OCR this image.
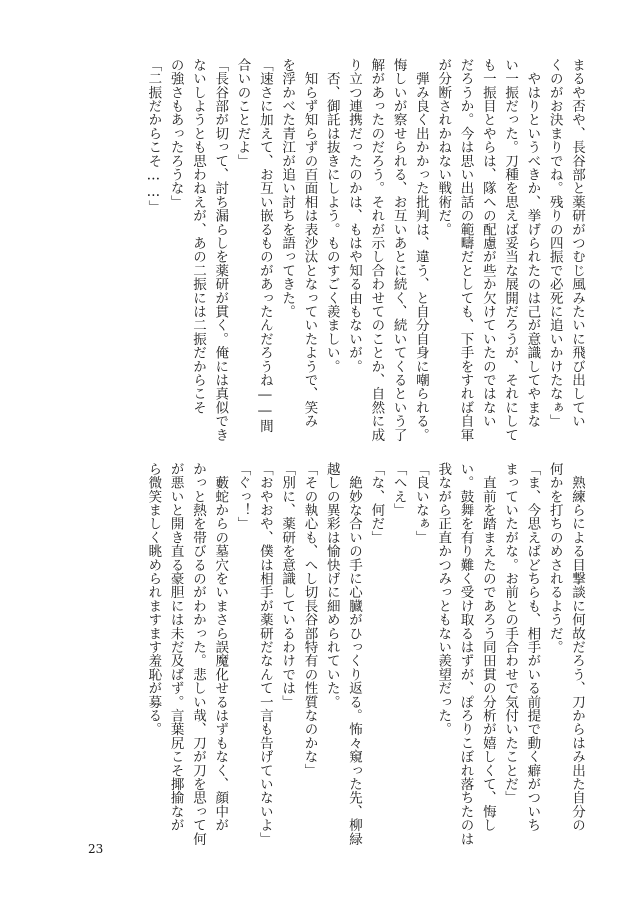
まるや否や、長谷部と薬研がつむじ風みたいに飛び出してい
くのがお決まりでね。残りの四振で必死に追いかけたなぁ」
　やはりというべきか、挙げられたのは己が意識してやまな
い一振だった。刀種を思えば妥当な展開だろうが、それにして
も一振目とやらは、隊への配慮が些か欠けていたのではない
だろうか。今は思い出話の範疇だとしても、下手をすれば自軍
が分断されかねない戦術だ。
　弾み良く出かかった批判は、違う、と自分自身に嘲られる。
悔しいが察せられる、お互いあとに続く、続いてくるという了
解があったのだろう。それが示し合わせてのことか、自然に成
り立つ連携だったのかは、もはや知る由もないが。
　否、御託は抜きにしよう。ものすごく羨ましい。
　知らず知らずの百面相は表沙汰となっていたようで、笑み
を浮かべた青江が追い討ちを語ってきた。
「速さに加えて、お互い嵌るものがあったんだろうね――間
合いのことだよ」
「長谷部が切って、討ち漏らしを薬研が貫く。俺には真似でき
ないしようとも思わねえが、あの二振には二振だからこそ
の強さもあったろうな」
「二振だからこそ……」
　熟練らによる目撃談に何故だろう、刀からはみ出た自分の
何かを打ちのめされるようだ。
「ま、今思えばどちらも、相手がいる前提で動く癖がついち
まっていたがな。お前との手合わせで気付いたことだ」
　直前を踏まえたのであろう同田貫の分析が嬉しくて、悔し
い。鼓舞を有り難く受け取るはずが、ぽろりこぼれ落ちたのは
我ながら正直かつみっともない羨望だった。
「良いなぁ」
「へえ」
「な、何だ」
　絶妙な合いの手に心臓がひっくり返る。怖々窺った先、柳緑
越しの異彩は愉快げに細められていた。
「その執心も、へし切長谷部特有の性質なのかな」
「別に、薬研を意識しているわけでは」
「おやおや、僕は相手が薬研だなんて一言も告げていないよ」
「ぐっ！」
　藪蛇からの墓穴をいまさら誤魔化せるはずもなく、顔中が
かっと熱を帯びるのがわかった。悲しい哉、刀が刀を思って何
が悪いと開き直る豪胆には未だ及ばず。言葉尻こそ揶揄なが
ら微笑ましく眺められますます羞恥が募る。
23
